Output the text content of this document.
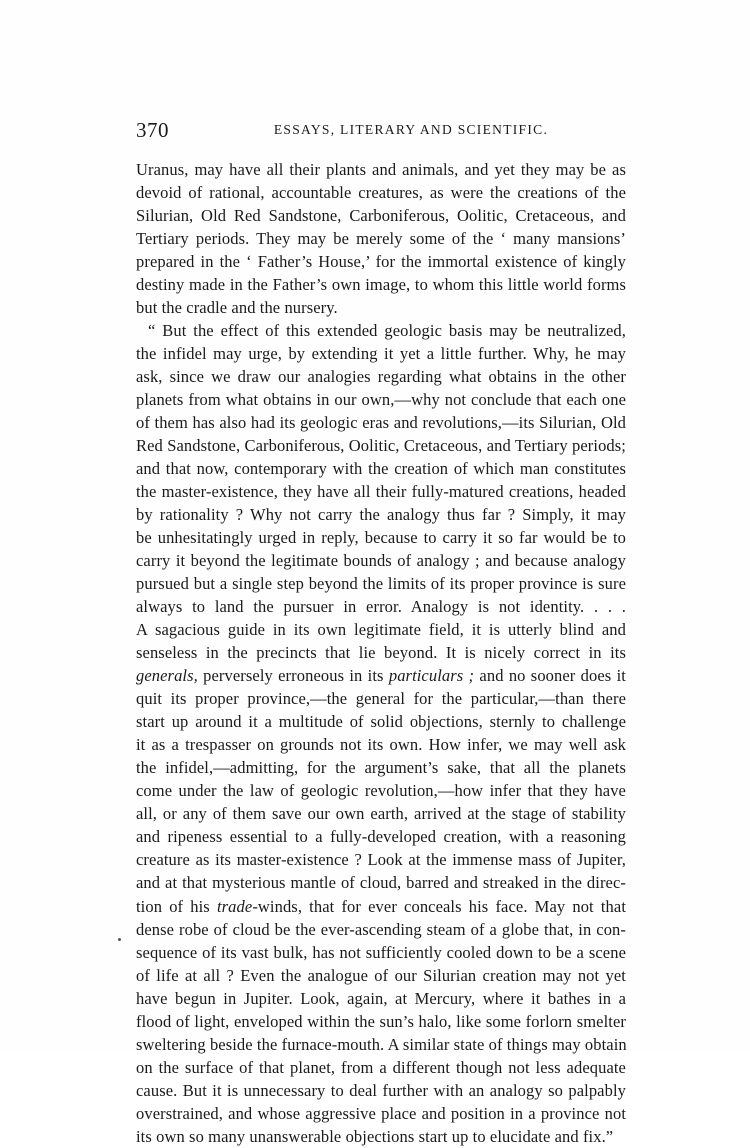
370	ESSAYS, LITERARY AND SCIENTIFIC.
Uranus, may have all their plants and animals, and yet they may be as
devoid of rational, accountable creatures, as were the creations of the
Silurian, Old Red Sandstone, Carboniferous, Oolitic, Cretaceous, and
Tertiary periods. They may be merely some of the ‘ many mansions’
prepared in the ‘ Father’s House,’ for the immortal existence of kingly
destiny made in the Father’s own image, to whom this little world forms
but the cradle and the nursery.
“ But the effect of this extended geologic basis may be neutralized,
the infidel may urge, by extending it yet a little further. Why, he may
ask, since we draw our analogies regarding what obtains in the other
planets from what obtains in our own,—why not conclude that each one
of them has also had its geologic eras and revolutions,—its Silurian, Old
Red Sandstone, Carboniferous, Oolitic, Cretaceous, and Tertiary periods;
and that now, contemporary with the creation of which man constitutes
the master-existence, they have all their fully-matured creations, headed
by rationality ? Why not carry the analogy thus far ? Simply, it may
be unhesitatingly urged in reply, because to carry it so far would be to
carry it beyond the legitimate bounds of analogy ; and because analogy
pursued but a single step beyond the limits of its proper province is sure
always to land the pursuer in error. Analogy is not identity. . . .
A sagacious guide in its own legitimate field, it is utterly blind and
senseless in the precincts that lie beyond. It is nicely correct in its
generals, perversely erroneous in its particulars ; and no sooner does it
quit its proper province,—the general for the particular,—than there
start up around it a multitude of solid objections, sternly to challenge
it as a trespasser on grounds not its own. How infer, we may well ask
the infidel,—admitting, for the argument’s sake, that all the planets
come under the law of geologic revolution,—how infer that they have
all, or any of them save our own earth, arrived at the stage of stability
and ripeness essential to a fully-developed creation, with a reasoning
creature as its master-existence ? Look at the immense mass of Jupiter,
and at that mysterious mantle of cloud, barred and streaked in the direc-
tion of his trade-winds, that for ever conceals his face. May not that
dense robe of cloud be the ever-ascending steam of a globe that, in con-
sequence of its vast bulk, has not sufficiently cooled down to be a scene
of life at all ? Even the analogue of our Silurian creation may not yet
have begun in Jupiter. Look, again, at Mercury, where it bathes in a
flood of light, enveloped within the sun’s halo, like some forlorn smelter
sweltering beside the furnace-mouth. A similar state of things may obtain
on the surface of that planet, from a different though not less adequate
cause. But it is unnecessary to deal further with an analogy so palpably
overstrained, and whose aggressive place and position in a province not
its own so many unanswerable objections start up to elucidate and fix.”
